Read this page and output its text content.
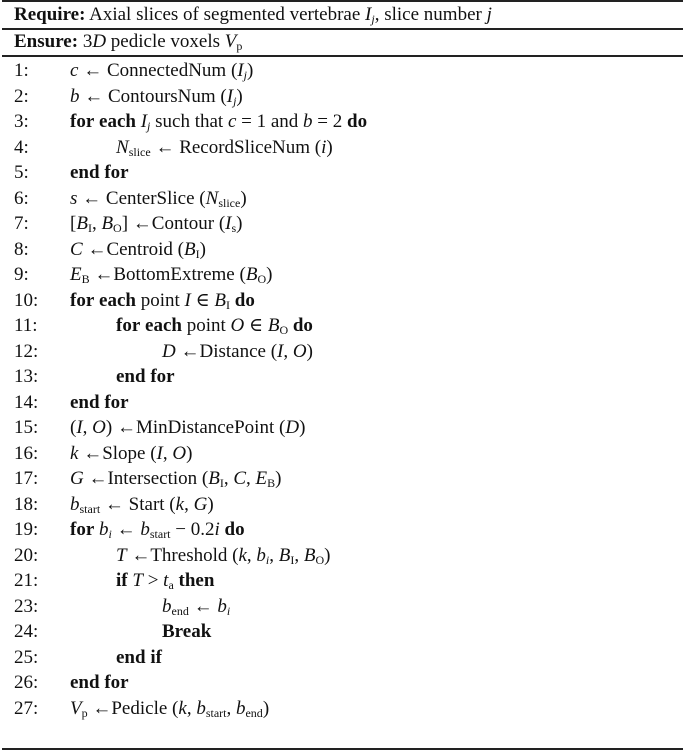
Require: Axial slices of segmented vertebrae $I_j$, slice number j
Ensure: 3D pedicle voxels $V_p$
1: c ← ConnectedNum $(I_j)$
2: b ← ContoursNum $(I_j)$
3: for each $I_j$ such that c = 1 and b = 2 do
4:	$N_{slice}$ ← RecordSliceNum (i)
5: end for
6: s ← CenterSlice $(N_{slice})$
7: [$B_I$, $B_O$] ←Contour $(I_s)$
8: C ←Centroid $(B_I)$
9: $E_B$ ←BottomExtreme $(B_O)$
10: for each point I ∈ $B_I$ do
11:	for each point O ∈ $B_O$ do
12:	D ←Distance (I, O)
13:	end for
14: end for
15: (I, O) ←MinDistancePoint (D)
16: k ←Slope (I, O)
17: G ←Intersection ($B_I$, C, $E_B$)
18: $b_{start}$ ← Start (k, G)
19: for $b_i$ ← $b_{start} - 0.2i$ do
20:	T ←Threshold (k, $b_i$, $B_I$, $B_O$)
21:	if $T > t_a$ then
23:	$b_{end}$ ← $b_i$
24:	Break
25:	end if
26: end for
27: $V_p$ ←Pedicle (k, $b_{start}$, $b_{end}$)
